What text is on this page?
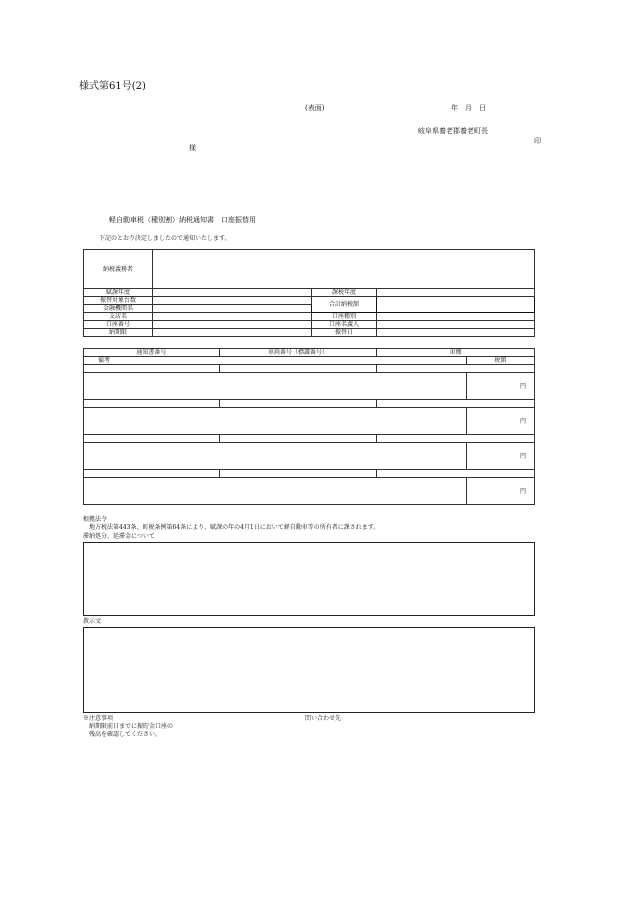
様式第61号(2)
(表面)	年　月　日
岐阜県養老郡養老町長
印
様
軽自動車税（種別割）納税通知書　口座振替用
下記のとおり決定しましたので通知いたします。
納税義務者			
賦課年度		課税年度	
振替対象台数		合計納税額	
金融機関名			
支店名		口座種別	
口座番号		口座名義人	
納期限		振替日	
通知書番号	車両番号（標識番号）	車種	
備考			税額

			円

			円

			円

			円
根拠法令
地方税法第443条、町税条例第64条により、賦課の年の4月1日において軽自動車等の所有者に課されます。
滞納処分、延滞金について
教示文
※注意事項
納期限前日までに振貯金口座の
残高を確認してください。
問い合わせ先
